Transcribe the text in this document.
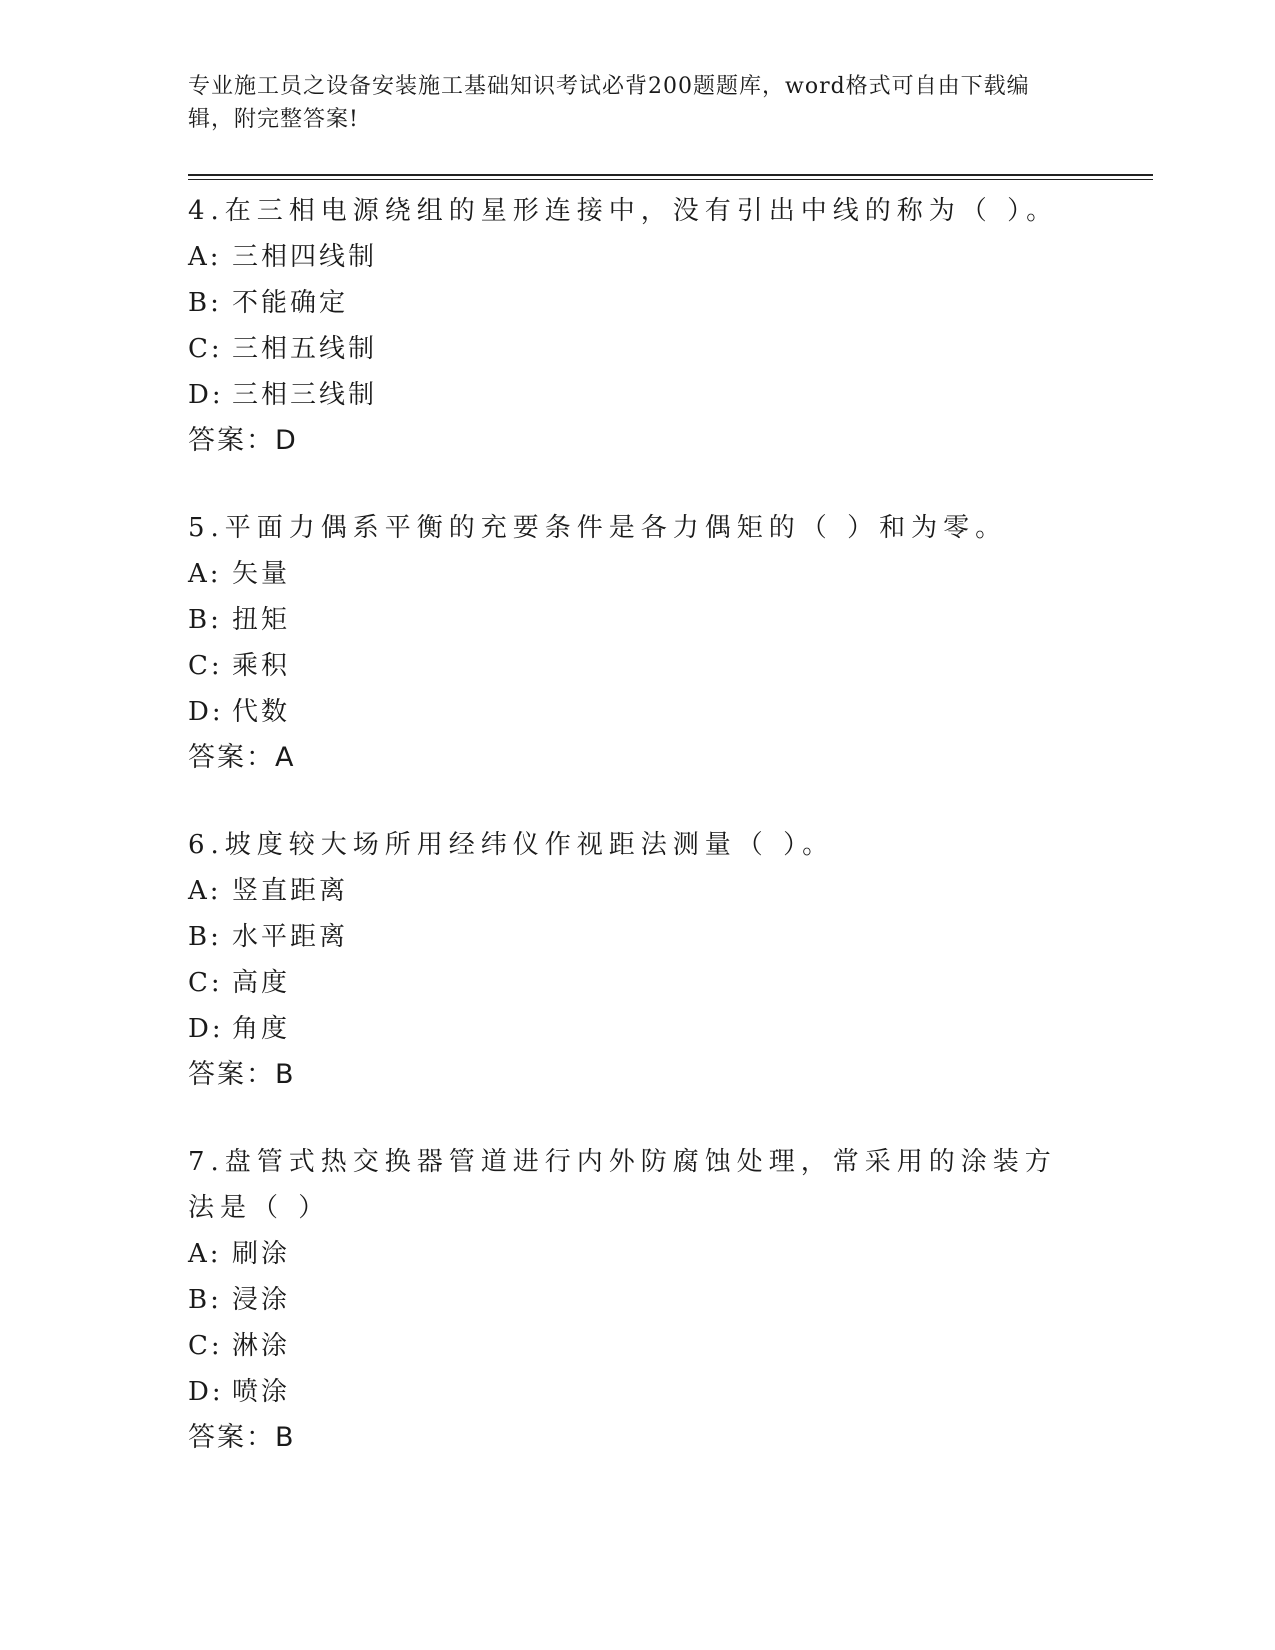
专业施工员之设备安装施工基础知识考试必背200题题库，word格式可自由下载编辑，附完整答案!

4.在三相电源绕组的星形连接中，没有引出中线的称为（ ）。
A: 三相四线制
B: 不能确定
C: 三相五线制
D: 三相三线制
答案：D
5.平面力偶系平衡的充要条件是各力偶矩的（ ）和为零。
A: 矢量
B: 扭矩
C: 乘积
D: 代数
答案：A
6.坡度较大场所用经纬仪作视距法测量（ ）。
A: 竖直距离
B: 水平距离
C: 高度
D: 角度
答案：B
7.盘管式热交换器管道进行内外防腐蚀处理，常采用的涂装方法是（ ）
A: 刷涂
B: 浸涂
C: 淋涂
D: 喷涂
答案：B
